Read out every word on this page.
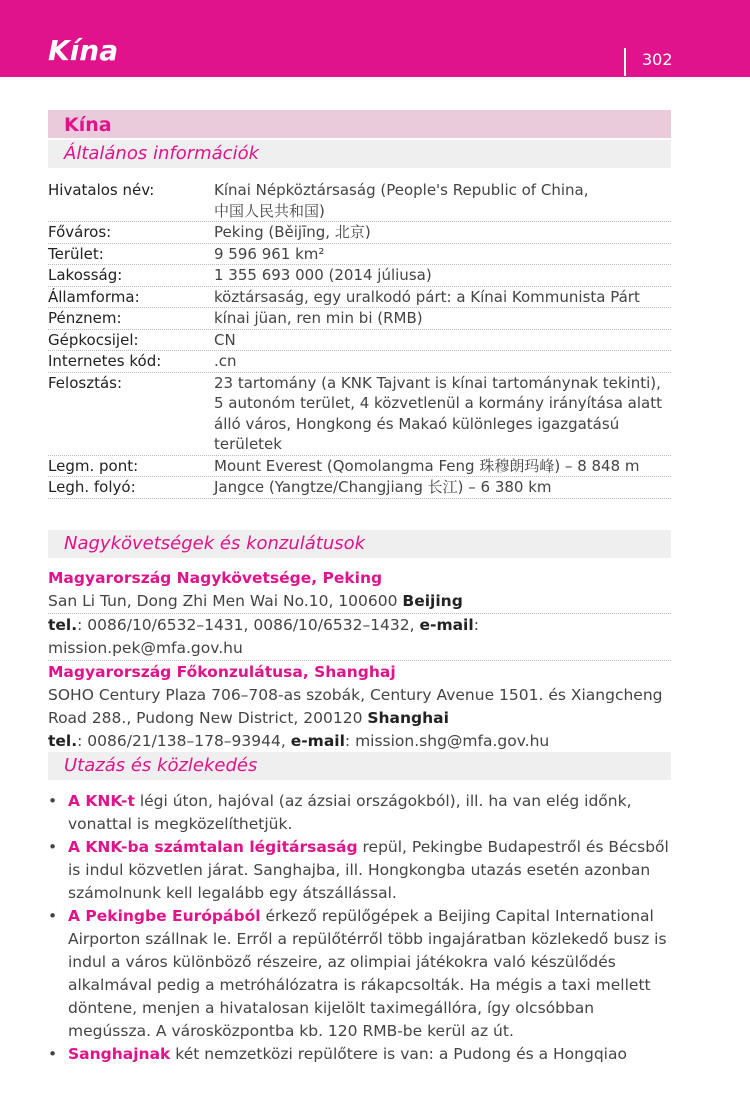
Kína	302
Kína
Általános információk
Hivatalos név:	Kínai Népköztársaság (People's Republic of China,
中国人民共和国)
Főváros:	Peking (Běijīng, 北京)
Terület:	9 596 961 km²
Lakosság:	1 355 693 000 (2014 júliusa)
Államforma:	köztársaság, egy uralkodó párt: a Kínai Kommunista Párt
Pénznem:	kínai jüan, ren min bi (RMB)
Gépkocsijel:	CN
Internetes kód:	.cn
Felosztás:	23 tartomány (a KNK Tajvant is kínai tartománynak tekinti),
5 autonóm terület, 4 közvetlenül a kormány irányítása alatt
álló város, Hongkong és Makaó különleges igazgatású
területek
Legm. pont:	Mount Everest (Qomolangma Feng 珠穆朗玛峰) – 8 848 m
Legh. folyó:	Jangce (Yangtze/Changjiang 长江) – 6 380 km
Nagykövetségek és konzulátusok
Magyarország Nagykövetsége, Peking
San Li Tun, Dong Zhi Men Wai No.10, 100600 Beijing
tel.: 0086/10/6532–1431, 0086/10/6532–1432, e-mail: mission.pek@mfa.gov.hu
Magyarország Főkonzulátusa, Shanghaj
SOHO Century Plaza 706–708-as szobák, Century Avenue 1501. és Xiangcheng
Road 288., Pudong New District, 200120 Shanghai
tel.: 0086/21/138–178–93944, e-mail: mission.shg@mfa.gov.hu
Utazás és közlekedés
• A KNK-t légi úton, hajóval (az ázsiai országokból), ill. ha van elég időnk, vonattal is megközelíthetjük.
• A KNK-ba számtalan légitársaság repül, Pekingbe Budapestről és Bécsből is indul közvetlen járat. Sanghajba, ill. Hongkongba utazás esetén azonban számolnunk kell legalább egy átszállással.
• A Pekingbe Európából érkező repülőgépek a Beijing Capital International Airporton szállnak le. Erről a repülőtérről több ingajáratban közlekedő busz is indul a város különböző részeire, az olimpiai játékokra való készülődés alkalmával pedig a metróhálózatra is rákapcsolták. Ha mégis a taxi mellett döntene, menjen a hivatalosan kijelölt taximegállóra, így olcsóbban megússza. A városközpontba kb. 120 RMB-be kerül az út.
• Sanghajnak két nemzetközi repülőtere is van: a Pudong és a Hongqiao
